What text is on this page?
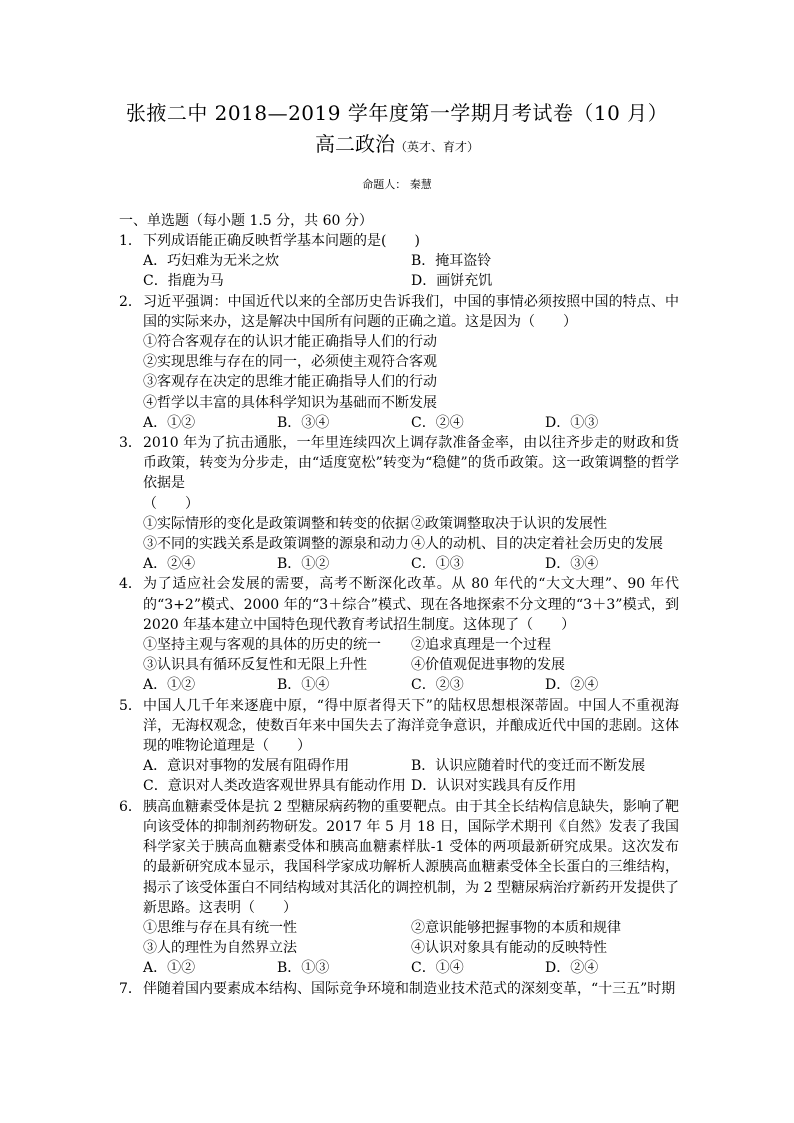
张掖二中 2018—2019 学年度第一学期月考试卷（10 月）
高二政治（英才、育才）
命题人： 秦慧
一、单选题（每小题 1.5 分，共 60 分）
1． 下列成语能正确反映哲学基本问题的是(　　)
A．巧妇难为无米之炊	B．掩耳盗铃
C．指鹿为马	D．画饼充饥
2． 习近平强调：中国近代以来的全部历史告诉我们，中国的事情必须按照中国的特点、中国的实际来办，这是解决中国所有问题的正确之道。这是因为（　　）
①符合客观存在的认识才能正确指导人们的行动
②实现思维与存在的同一，必须使主观符合客观
③客观存在决定的思维才能正确指导人们的行动
④哲学以丰富的具体科学知识为基础而不断发展
A．①②	B．③④	C．②④	D．①③
3． 2010 年为了抗击通胀，一年里连续四次上调存款准备金率，由以往齐步走的财政和货币政策，转变为分步走，由“适度宽松”转变为“稳健”的货币政策。这一政策调整的哲学依据是
（　　）
①实际情形的变化是政策调整和转变的依据 ②政策调整取决于认识的发展性
③不同的实践关系是政策调整的源泉和动力 ④人的动机、目的决定着社会历史的发展
A．②④	B．①②	C．①③	D．③④
4． 为了适应社会发展的需要，高考不断深化改革。从 80 年代的“大文大理”、90 年代的“3+2”模式、2000 年的“3＋综合”模式、现在各地探索不分文理的“3＋3”模式，到 2020 年基本建立中国特色现代教育考试招生制度。这体现了（　　）
①坚持主观与客观的具体的历史的统一	②追求真理是一个过程
③认识具有循环反复性和无限上升性	④价值观促进事物的发展
A．①②	B．①④	C．②③	D．②④
5． 中国人几千年来逐鹿中原，“得中原者得天下”的陆权思想根深蒂固。中国人不重视海洋，无海权观念，使数百年来中国失去了海洋竞争意识，并酿成近代中国的悲剧。这体现的唯物论道理是（　　）
A．意识对事物的发展有阻碍作用	B．认识应随着时代的变迁而不断发展
C．意识对人类改造客观世界具有能动作用 D．认识对实践具有反作用
6． 胰高血糖素受体是抗 2 型糖尿病药物的重要靶点。由于其全长结构信息缺失，影响了靶向该受体的抑制剂药物研发。2017 年 5 月 18 日，国际学术期刊《自然》发表了我国科学家关于胰高血糖素受体和胰高血糖素样肽-1 受体的两项最新研究成果。这次发布的最新研究成本显示，我国科学家成功解析人源胰高血糖素受体全长蛋白的三维结构，揭示了该受体蛋白不同结构域对其活化的调控机制，为 2 型糖尿病治疗新药开发提供了新思路。这表明（　　）
①思维与存在具有统一性	②意识能够把握事物的本质和规律
③人的理性为自然界立法	④认识对象具有能动的反映特性
A．①②	B．①③	C．①④	D．②④
7． 伴随着国内要素成本结构、国际竞争环境和制造业技术范式的深刻变革，“十三五”时期
